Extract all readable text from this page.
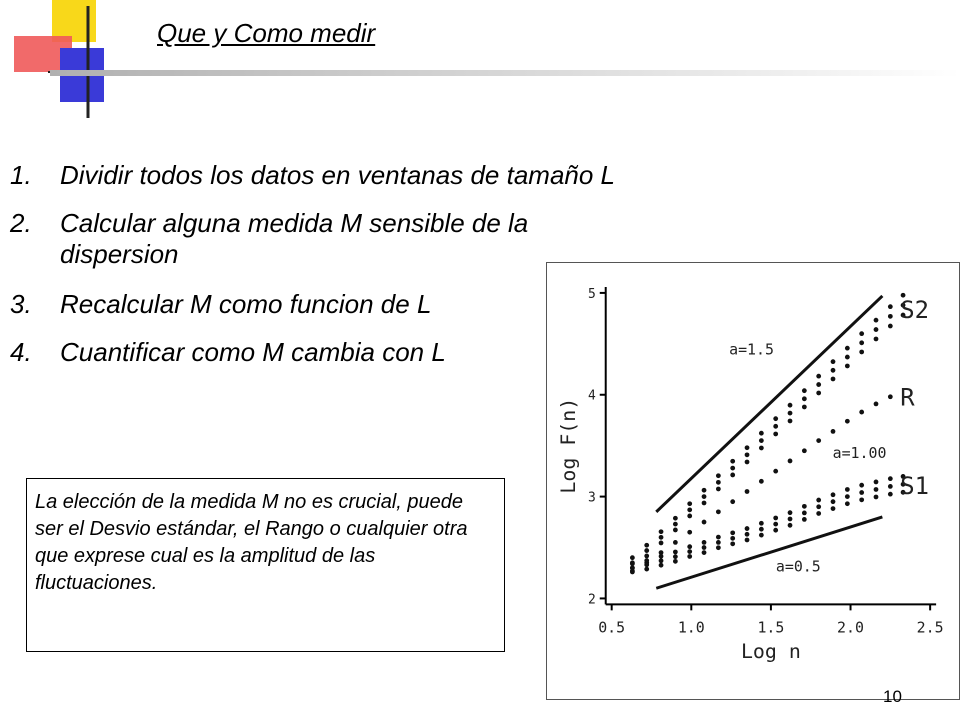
Que y Como medir
1. Dividir todos los datos en ventanas de tamaño L
2. Calcular alguna medida M sensible de la dispersion
3. Recalcular M como funcion de L
4. Cuantificar como M cambia con L
0.5	1.0	1.5	2.0	2.5
2
3
4
5
Log n
Log F(n)
S2
R
S1
a=1.5
a=1.00
a=0.5
La elección de la medida M no es crucial, puede ser el Desvio estándar, el Rango o cualquier otra que exprese cual es la amplitud de las fluctuaciones.
10
